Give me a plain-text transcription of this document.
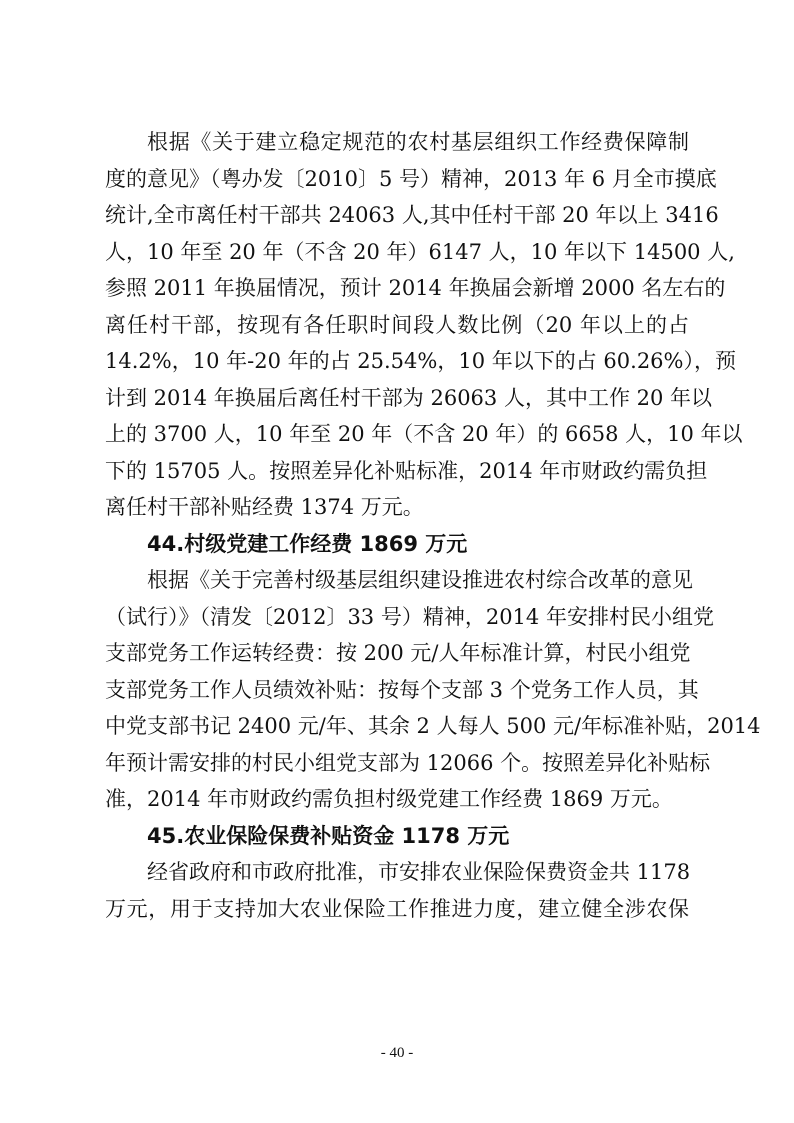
根据《关于建立稳定规范的农村基层组织工作经费保障制
度的意见》（粤办发〔2010〕5 号）精神，2013 年 6 月全市摸底
统计,全市离任村干部共 24063 人,其中任村干部 20 年以上 3416
人，10 年至 20 年（不含 20 年）6147 人，10 年以下 14500 人,
参照 2011 年换届情况，预计 2014 年换届会新增 2000 名左右的
离任村干部，按现有各任职时间段人数比例（20 年以上的占
14.2%，10 年-20 年的占 25.54%，10 年以下的占 60.26%），预
计到 2014 年换届后离任村干部为 26063 人，其中工作 20 年以
上的 3700 人，10 年至 20 年（不含 20 年）的 6658 人，10 年以
下的 15705 人。按照差异化补贴标准，2014 年市财政约需负担
离任村干部补贴经费 1374 万元。
44.村级党建工作经费 1869 万元
根据《关于完善村级基层组织建设推进农村综合改革的意见
（试行）》（清发〔2012〕33 号）精神，2014 年安排村民小组党
支部党务工作运转经费：按 200 元/人年标准计算，村民小组党
支部党务工作人员绩效补贴：按每个支部 3 个党务工作人员，其
中党支部书记 2400 元/年、其余 2 人每人 500 元/年标准补贴，2014
年预计需安排的村民小组党支部为 12066 个。按照差异化补贴标
准，2014 年市财政约需负担村级党建工作经费 1869 万元。
45.农业保险保费补贴资金 1178 万元
经省政府和市政府批准，市安排农业保险保费资金共 1178
万元，用于支持加大农业保险工作推进力度，建立健全涉农保
- 40 -
